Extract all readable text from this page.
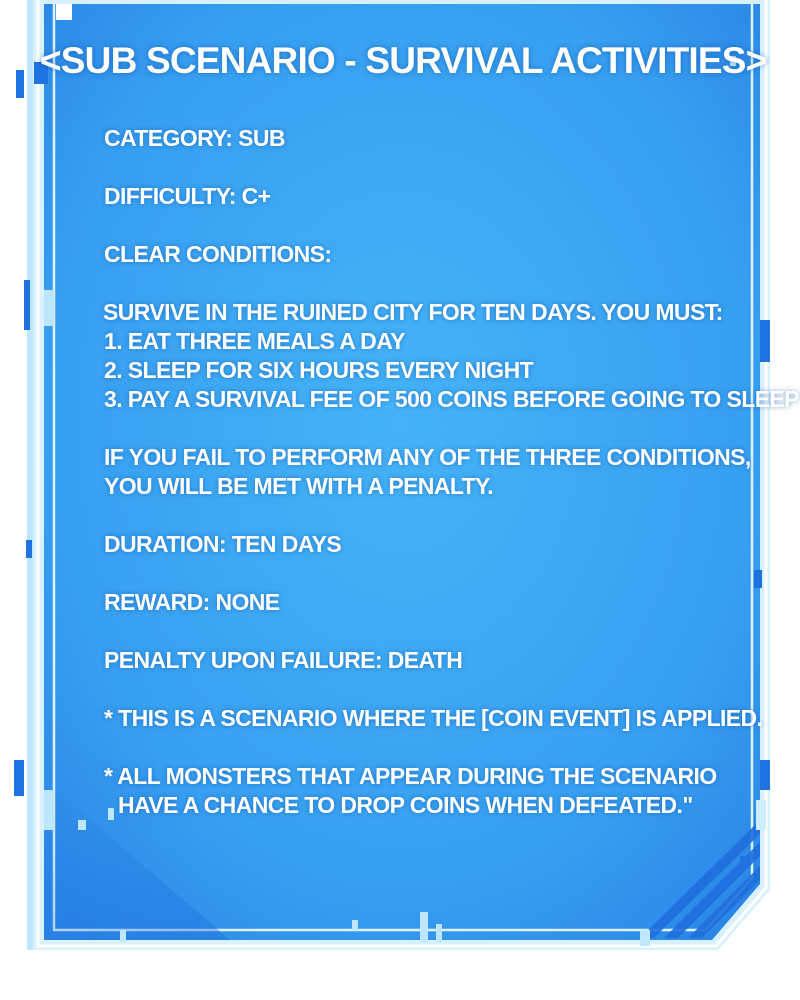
<SUB SCENARIO - SURVIVAL ACTIVITIES>
CATEGORY: SUB
DIFFICULTY: C+
CLEAR CONDITIONS:
SURVIVE IN THE RUINED CITY FOR TEN DAYS. YOU MUST:
1. EAT THREE MEALS A DAY
2. SLEEP FOR SIX HOURS EVERY NIGHT
3. PAY A SURVIVAL FEE OF 500 COINS BEFORE GOING TO SLEEP
IF YOU FAIL TO PERFORM ANY OF THE THREE CONDITIONS,
YOU WILL BE MET WITH A PENALTY.
DURATION: TEN DAYS
REWARD: NONE
PENALTY UPON FAILURE: DEATH
* THIS IS A SCENARIO WHERE THE [COIN EVENT] IS APPLIED.
* ALL MONSTERS THAT APPEAR DURING THE SCENARIO
HAVE A CHANCE TO DROP COINS WHEN DEFEATED."
